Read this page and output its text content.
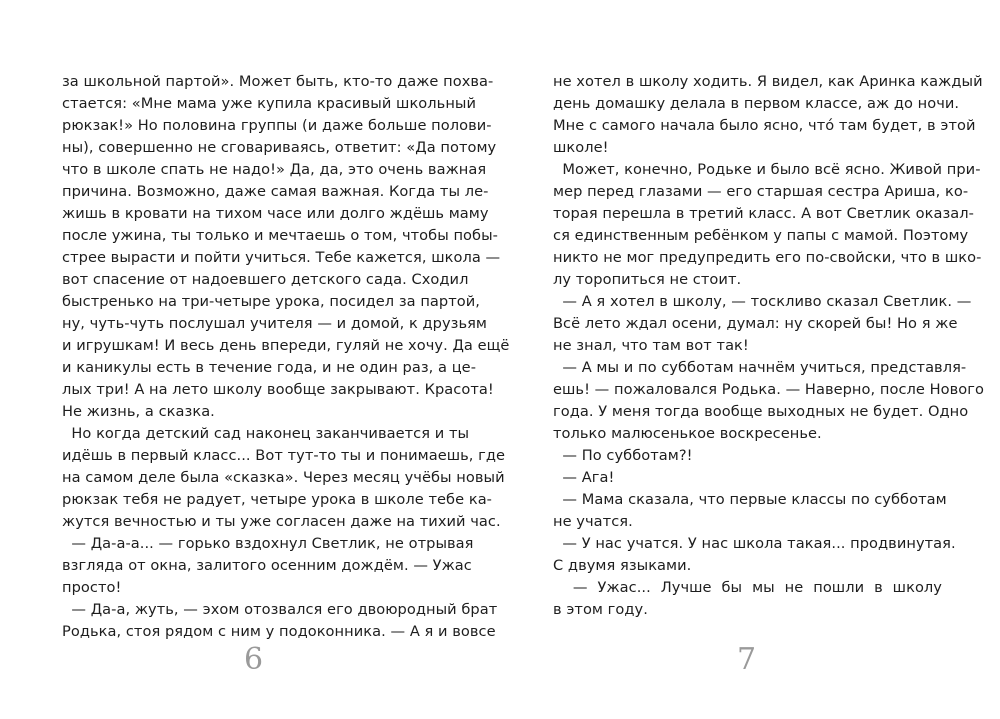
за школьной партой». Может быть, кто-то даже похва-
стается: «Мне мама уже купила красивый школьный
рюкзак!» Но половина группы (и даже больше полови-
ны), совершенно не сговариваясь, ответит: «Да потому
что в школе спать не надо!» Да, да, это очень важная
причина. Возможно, даже самая важная. Когда ты ле-
жишь в кровати на тихом часе или долго ждёшь маму
после ужина, ты только и мечтаешь о том, чтобы побы-
стрее вырасти и пойти учиться. Тебе кажется, школа —
вот спасение от надоевшего детского сада. Сходил
быстренько на три-четыре урока, посидел за партой,
ну, чуть-чуть послушал учителя — и домой, к друзьям
и игрушкам! И весь день впереди, гуляй не хочу. Да ещё
и каникулы есть в течение года, и не один раз, а це-
лых три! А на лето школу вообще закрывают. Красота!
Не жизнь, а сказка.
Но когда детский сад наконец заканчивается и ты
идёшь в первый класс... Вот тут-то ты и понимаешь, где
на самом деле была «сказка». Через месяц учёбы новый
рюкзак тебя не радует, четыре урока в школе тебе ка-
жутся вечностью и ты уже согласен даже на тихий час.
— Да-а-а... — горько вздохнул Светлик, не отрывая
взгляда от окна, залитого осенним дождём. — Ужас
просто!
— Да-а, жуть, — эхом отозвался его двоюродный брат
Родька, стоя рядом с ним у подоконника. — А я и вовсе
6
не хотел в школу ходить. Я видел, как Аринка каждый
день домашку делала в первом классе, аж до ночи.
Мне с самого начала было ясно, что́ там будет, в этой
школе!
Может, конечно, Родьке и было всё ясно. Живой при-
мер перед глазами — его старшая сестра Ариша, ко-
торая перешла в третий класс. А вот Светлик оказал-
ся единственным ребёнком у папы с мамой. Поэтому
никто не мог предупредить его по-свойски, что в шко-
лу торопиться не стоит.
— А я хотел в школу, — тоскливо сказал Светлик. —
Всё лето ждал осени, думал: ну скорей бы! Но я же
не знал, что там вот так!
— А мы и по субботам начнём учиться, представля-
ешь! — пожаловался Родька. — Наверно, после Нового
года. У меня тогда вообще выходных не будет. Одно
только малюсенькое воскресенье.
— По субботам?!
— Ага!
— Мама сказала, что первые классы по субботам
не учатся.
— У нас учатся. У нас школа такая... продвинутая.
С двумя языками.
— Ужас... Лучше бы мы не пошли в школу
в этом году.
7
